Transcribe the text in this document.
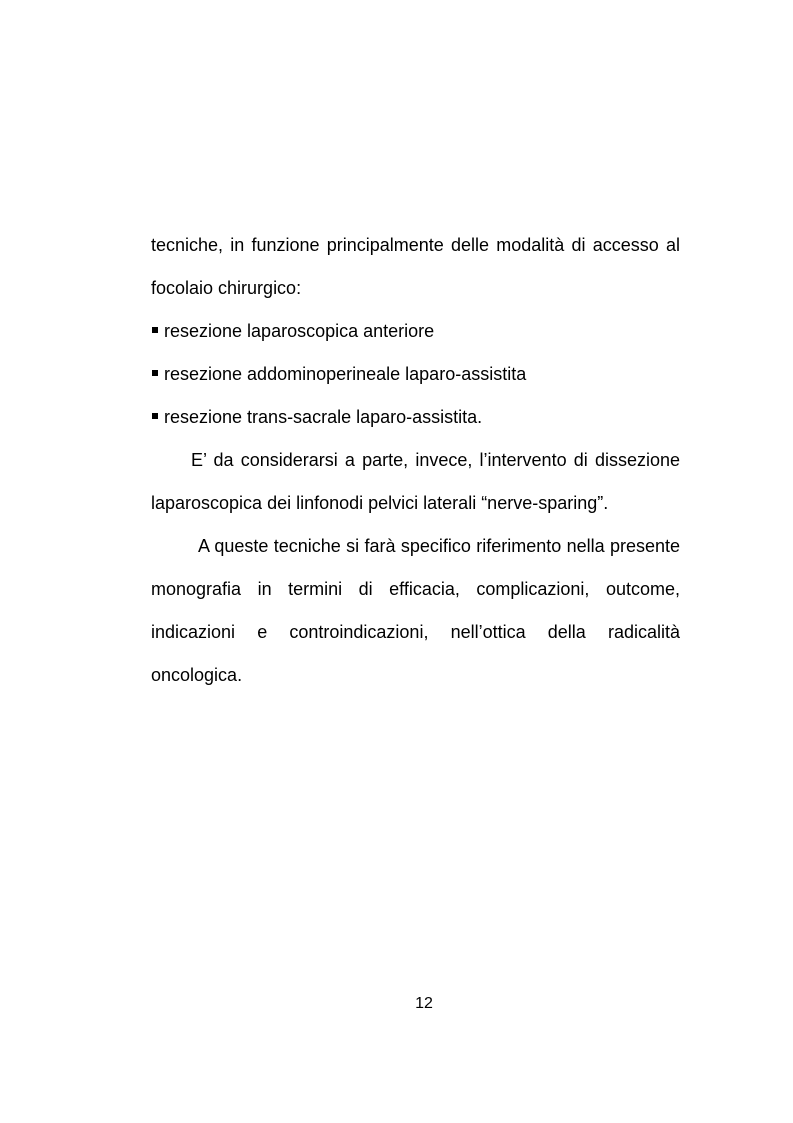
tecniche, in funzione principalmente delle modalità di accesso al focolaio chirurgico:

resezione laparoscopica anteriore
resezione addominoperineale laparo-assistita
resezione trans-sacrale laparo-assistita.

E’ da considerarsi a parte, invece, l’intervento di dissezione laparoscopica dei linfonodi pelvici laterali “nerve-sparing”.

A queste tecniche si farà specifico riferimento nella presente monografia in termini di efficacia, complicazioni, outcome, indicazioni e controindicazioni, nell’ottica della radicalità oncologica.

12
